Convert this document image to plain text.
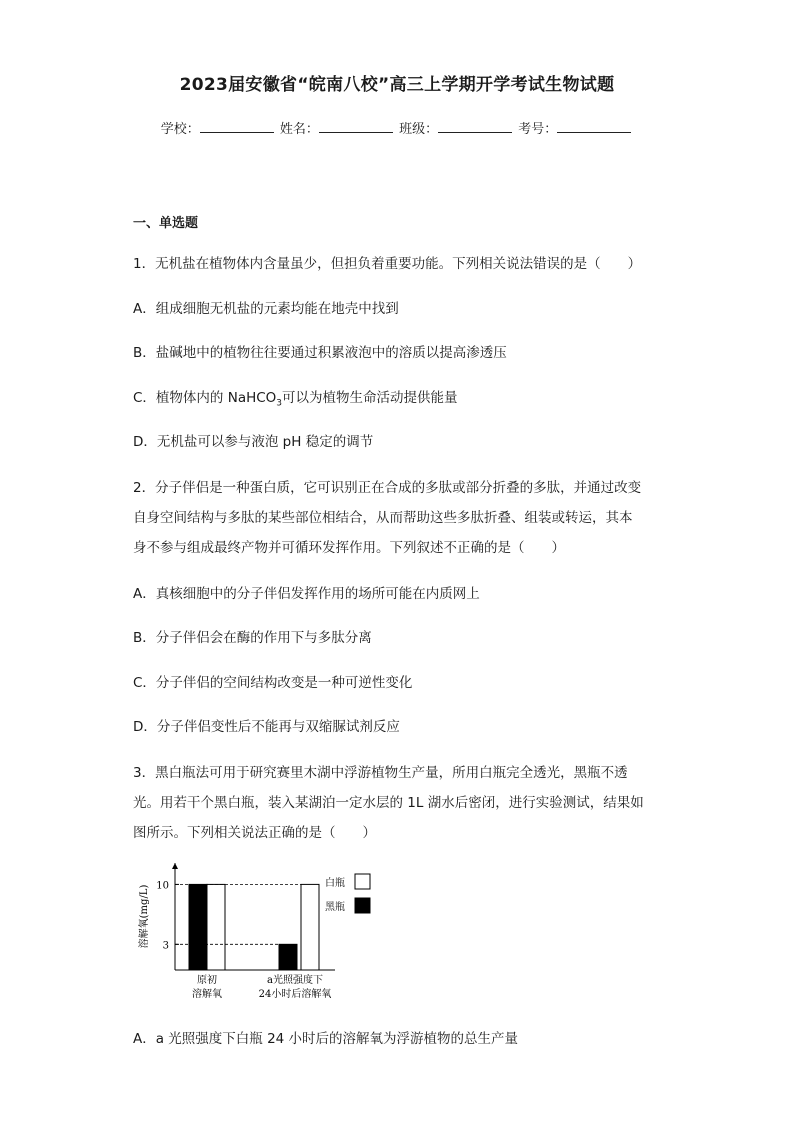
2023届安徽省“皖南八校”高三上学期开学考试生物试题
学校：	姓名：	班级：	考号：
一、单选题
1．无机盐在植物体内含量虽少，但担负着重要功能。下列相关说法错误的是（　　）
A．组成细胞无机盐的元素均能在地壳中找到
B．盐碱地中的植物往往要通过积累液泡中的溶质以提高渗透压
C．植物体内的 NaHCO$_3$可以为植物生命活动提供能量
D．无机盐可以参与液泡 pH 稳定的调节
2．分子伴侣是一种蛋白质，它可识别正在合成的多肽或部分折叠的多肽，并通过改变
自身空间结构与多肽的某些部位相结合，从而帮助这些多肽折叠、组装或转运，其本
身不参与组成最终产物并可循环发挥作用。下列叙述不正确的是（　　）
A．真核细胞中的分子伴侣发挥作用的场所可能在内质网上
B．分子伴侣会在酶的作用下与多肽分离
C．分子伴侣的空间结构改变是一种可逆性变化
D．分子伴侣变性后不能再与双缩脲试剂反应
3．黑白瓶法可用于研究赛里木湖中浮游植物生产量，所用白瓶完全透光，黑瓶不透
光。用若干个黑白瓶，装入某湖泊一定水层的 1L 湖水后密闭，进行实验测试，结果如
图所示。下列相关说法正确的是（　　）
溶解氧(mg/L) 3
10
原初
溶解氧
a光照强度下
24小时后溶解氧
白瓶
黑瓶
A．a 光照强度下白瓶 24 小时后的溶解氧为浮游植物的总生产量
